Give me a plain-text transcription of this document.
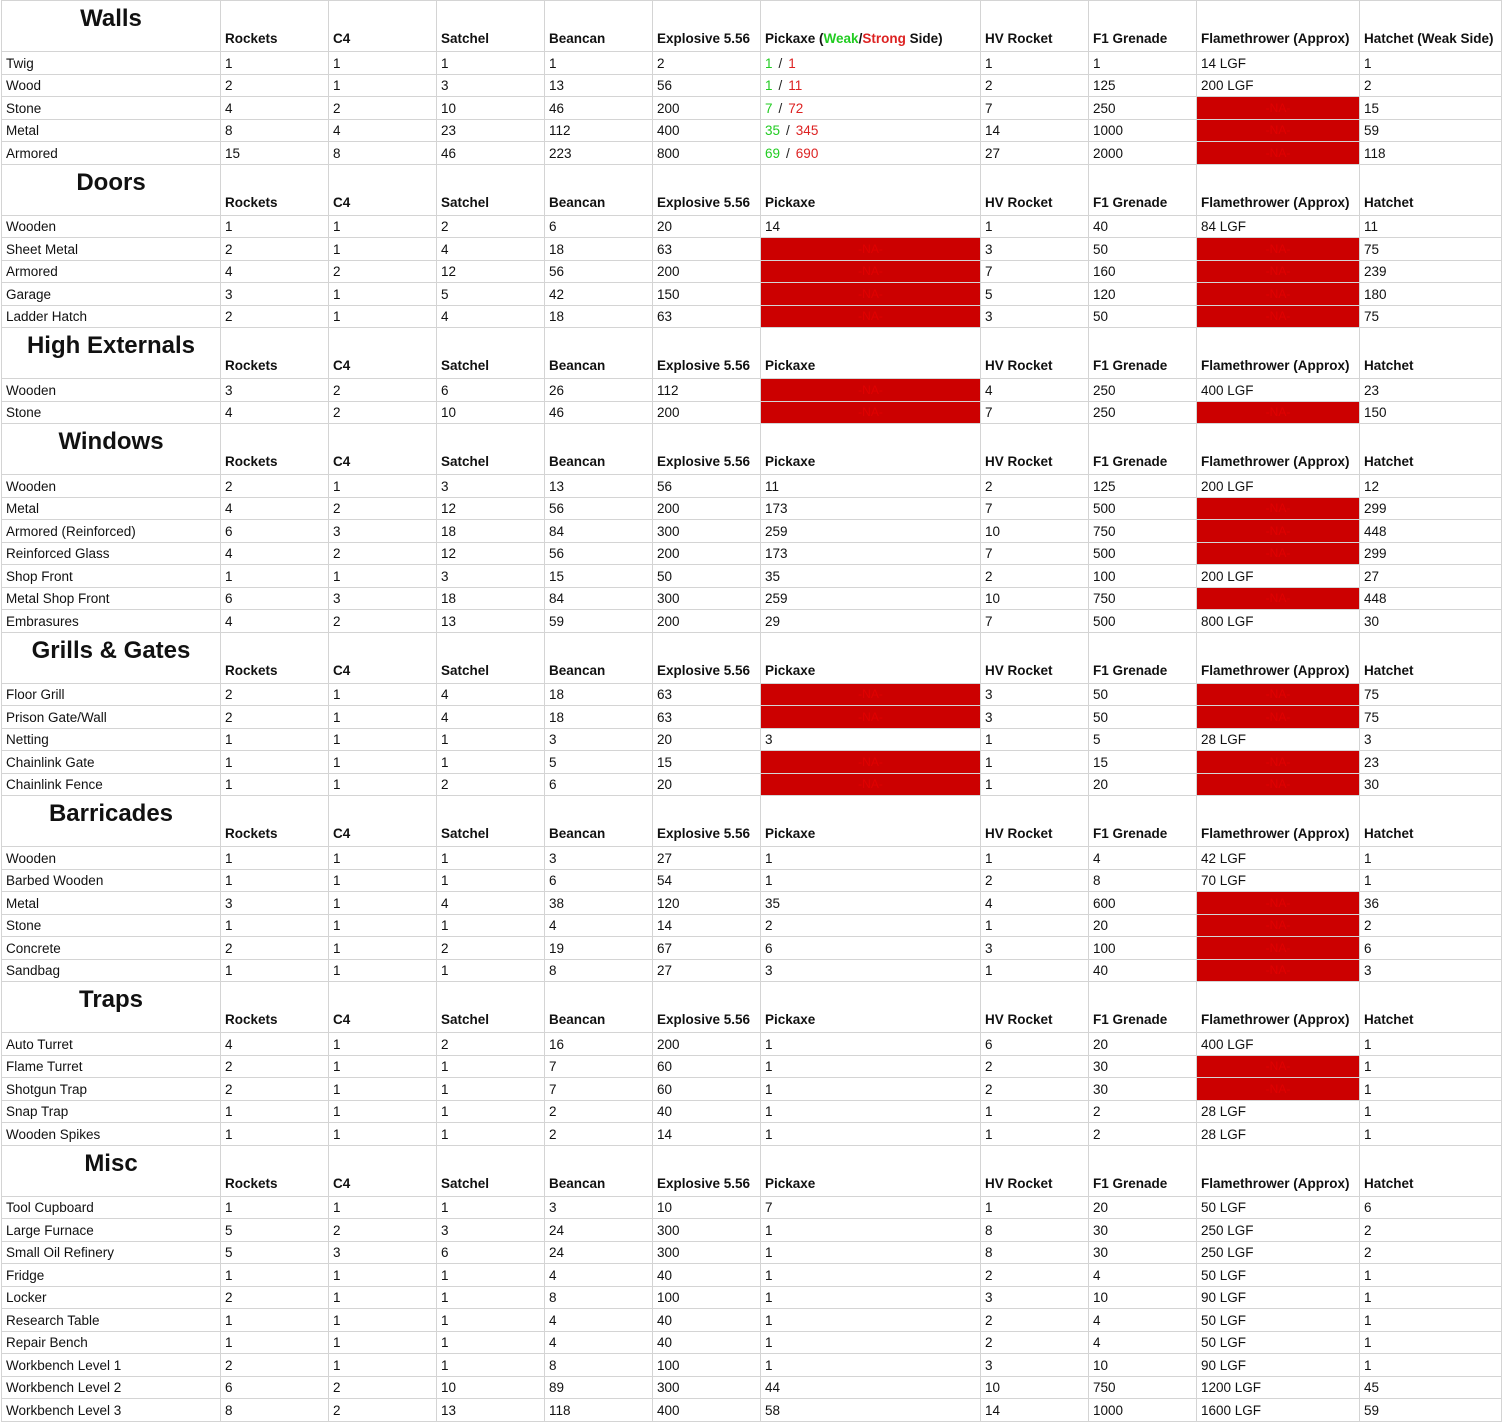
Walls	Rockets	C4	Satchel	Beancan	Explosive 5.56	Pickaxe (Weak/Strong Side)	HV Rocket	F1 Grenade	Flamethrower (Approx)	Hatchet (Weak Side)
Twig	1	1	1	1	2	1 / 1	1	1	14 LGF	1
Wood	2	1	3	13	56	1 / 11	2	125	200 LGF	2
Stone	4	2	10	46	200	7 / 72	7	250	-NA-	15
Metal	8	4	23	112	400	35 / 345	14	1000	-NA-	59
Armored	15	8	46	223	800	69 / 690	27	2000	-NA-	118
Doors	Rockets	C4	Satchel	Beancan	Explosive 5.56	Pickaxe	HV Rocket	F1 Grenade	Flamethrower (Approx)	Hatchet
Wooden	1	1	2	6	20	14	1	40	84 LGF	11
Sheet Metal	2	1	4	18	63	-NA-	3	50	-NA-	75
Armored	4	2	12	56	200	-NA-	7	160	-NA-	239
Garage	3	1	5	42	150	-NA-	5	120	-NA-	180
Ladder Hatch	2	1	4	18	63	-NA-	3	50	-NA-	75
High Externals	Rockets	C4	Satchel	Beancan	Explosive 5.56	Pickaxe	HV Rocket	F1 Grenade	Flamethrower (Approx)	Hatchet
Wooden	3	2	6	26	112	-NA-	4	250	400 LGF	23
Stone	4	2	10	46	200	-NA-	7	250	-NA-	150
Windows	Rockets	C4	Satchel	Beancan	Explosive 5.56	Pickaxe	HV Rocket	F1 Grenade	Flamethrower (Approx)	Hatchet
Wooden	2	1	3	13	56	11	2	125	200 LGF	12
Metal	4	2	12	56	200	173	7	500	-NA-	299
Armored (Reinforced)	6	3	18	84	300	259	10	750	-NA-	448
Reinforced Glass	4	2	12	56	200	173	7	500	-NA-	299
Shop Front	1	1	3	15	50	35	2	100	200 LGF	27
Metal Shop Front	6	3	18	84	300	259	10	750	-NA-	448
Embrasures	4	2	13	59	200	29	7	500	800 LGF	30
Grills & Gates	Rockets	C4	Satchel	Beancan	Explosive 5.56	Pickaxe	HV Rocket	F1 Grenade	Flamethrower (Approx)	Hatchet
Floor Grill	2	1	4	18	63	-NA-	3	50	-NA-	75
Prison Gate/Wall	2	1	4	18	63	-NA-	3	50	-NA-	75
Netting	1	1	1	3	20	3	1	5	28 LGF	3
Chainlink Gate	1	1	1	5	15	-NA-	1	15	-NA-	23
Chainlink Fence	1	1	2	6	20	-NA-	1	20	-NA-	30
Barricades	Rockets	C4	Satchel	Beancan	Explosive 5.56	Pickaxe	HV Rocket	F1 Grenade	Flamethrower (Approx)	Hatchet
Wooden	1	1	1	3	27	1	1	4	42 LGF	1
Barbed Wooden	1	1	1	6	54	1	2	8	70 LGF	1
Metal	3	1	4	38	120	35	4	600	-NA-	36
Stone	1	1	1	4	14	2	1	20	-NA-	2
Concrete	2	1	2	19	67	6	3	100	-NA-	6
Sandbag	1	1	1	8	27	3	1	40	-NA-	3
Traps	Rockets	C4	Satchel	Beancan	Explosive 5.56	Pickaxe	HV Rocket	F1 Grenade	Flamethrower (Approx)	Hatchet
Auto Turret	4	1	2	16	200	1	6	20	400 LGF	1
Flame Turret	2	1	1	7	60	1	2	30	-NA-	1
Shotgun Trap	2	1	1	7	60	1	2	30	-NA-	1
Snap Trap	1	1	1	2	40	1	1	2	28 LGF	1
Wooden Spikes	1	1	1	2	14	1	1	2	28 LGF	1
Misc	Rockets	C4	Satchel	Beancan	Explosive 5.56	Pickaxe	HV Rocket	F1 Grenade	Flamethrower (Approx)	Hatchet
Tool Cupboard	1	1	1	3	10	7	1	20	50 LGF	6
Large Furnace	5	2	3	24	300	1	8	30	250 LGF	2
Small Oil Refinery	5	3	6	24	300	1	8	30	250 LGF	2
Fridge	1	1	1	4	40	1	2	4	50 LGF	1
Locker	2	1	1	8	100	1	3	10	90 LGF	1
Research Table	1	1	1	4	40	1	2	4	50 LGF	1
Repair Bench	1	1	1	4	40	1	2	4	50 LGF	1
Workbench Level 1	2	1	1	8	100	1	3	10	90 LGF	1
Workbench Level 2	6	2	10	89	300	44	10	750	1200 LGF	45
Workbench Level 3	8	2	13	118	400	58	14	1000	1600 LGF	59
